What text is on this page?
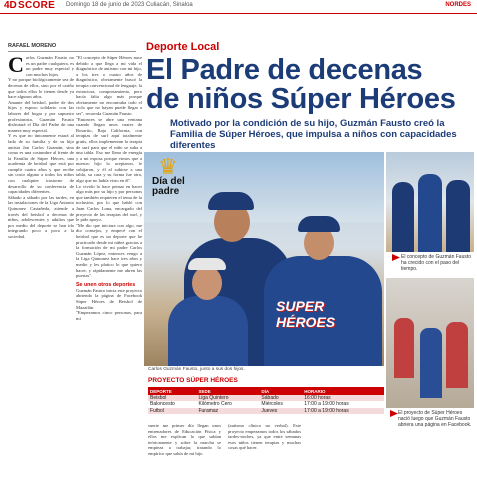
4D SCORE Domingo 18 de junio de 2023 Culiacán, Sinaloa	NORDES
RAFAEL MORENO

Carlos Guzmán Fausto no es un padre cualquiera, es un padre muy especial y con muchos hijos.

Y no porque biológicamente sea de decenas de ellos, sino por el cariño que todos ellos le tienen desde ya hace algunos años.

Amante del beisbol, padre de dos hijos y esposo solidario con las labores del hogar y por supuesto profesionista, Guzmán Fausto disfrutará el Día del Padre de una manera muy especial.

Y es que no únicamente estará al lado de su familia y de su hijo autista Jan Carlos Guzmán, sino como es una costumbre al frente de la Familia de Súper Héroes, una academia de beisbol que está por cumplir cuatro años y que recibe sin costo alguno a todos los niños con cualquier trastorno de desarrollo de su conferencia de capacidades diferentes.

Sábado a sábado por las tardes, en las instalaciones de la Liga Antonio Quinonez Castañeda, atiende a través del beisbol a decenas de niños, adolescentes y adultos que por medio del deporte se han ido integrando poco a poco a la sociedad.

"El concepto de Súper Héroes nace debido a que llega a mi vida el diagnóstico de autismo con mi hijo, a los tres o cuatro años de diagnóstico, obviamente buscó la terapia convencional de lenguaje, la extractora, comportamiento, pero hacía falta algo más porque obviamente no encontraba todo el ciclo que no hayan puede llegar a ser", recuerda Guzmán Fausto.

"Entonces se abre una ventana cuando llegan unos cuates de Rosarito, Baja California, con terapias de surf aquí totalmente gratis, ellos implementan la terapia de surf para que el niño se suba a una tabla. Eso me llena de energía y a mi esposa porque vimos que a nuestro hijo lo aceptaron, le cobijaron, y él al subirse a una tabla, su cara y su forma fue otra, algo que no había visto en él".

Lo vivido lo hace pensar en hacer algo más por su hijo y por personas que también requieren el tema de la inclusión, por lo que habló con Juan Carlos Luna, encargado del proyecto de las terapias del surf, y le pide apoyo.

"Me dio que iniciara con algo, me dio consejos, y empecé con el beisbol que es un deporte que he practicado desde mi niñez gracias a la formación de mi padre Carlos Guzmán López, entonces vengo a la Liga Quinonez hace tres años y medio y les platico lo que quiero hacer, y rápidamente me abren las puertas".

Se unen otros deportes

Guzmán Fausto inicia este proyecto abriendo la página de Facebook Súper Héroes de Beisbol de Mazatlán.

"Empezamos cinco personas, para mi

Deporte Local
El Padre de decenas
de niños Súper Héroes
Motivado por la condición de su hijo, Guzmán Fausto creó la Familia de Súper Héroes, que impulsa a niños con capacidades diferentes
SUPER HÉROES
♛
Día del
padre
Carlos Guzmán Fausto, junto a sus dos hijos.
El concepto de Guzmán Fausto ha crecido con el paso del tiempo.
El proyecto de Súper Héroes nació luego que Guzmán Fausto abriera una página en Facebook.
PROYECTO SÚPER HÉROES
DEPORTE	SEDE	DÍA	HORARIO
Beisbol	Liga Quintero	Sábado	16:00 horas
Baloncesto	Kilómetro Cero	Miércoles	17:00 a 19:00 horas
Futbol	Furamaz	Jueves	17:00 a 19:00 horas
suerte me primer día llegan unos entrenadores de Educación Física y ellos me explican lo que sabían teóricamente y sobre la marcha se empieza a trabajar, tratando lo empírico que sabía de mi hijo
(autismo clínico no verbal). Este proyecto empezamos todos los sábados tardes-noches, ya que entre semanas esos niños tienen terapias y muchas cosas qué hacer.
